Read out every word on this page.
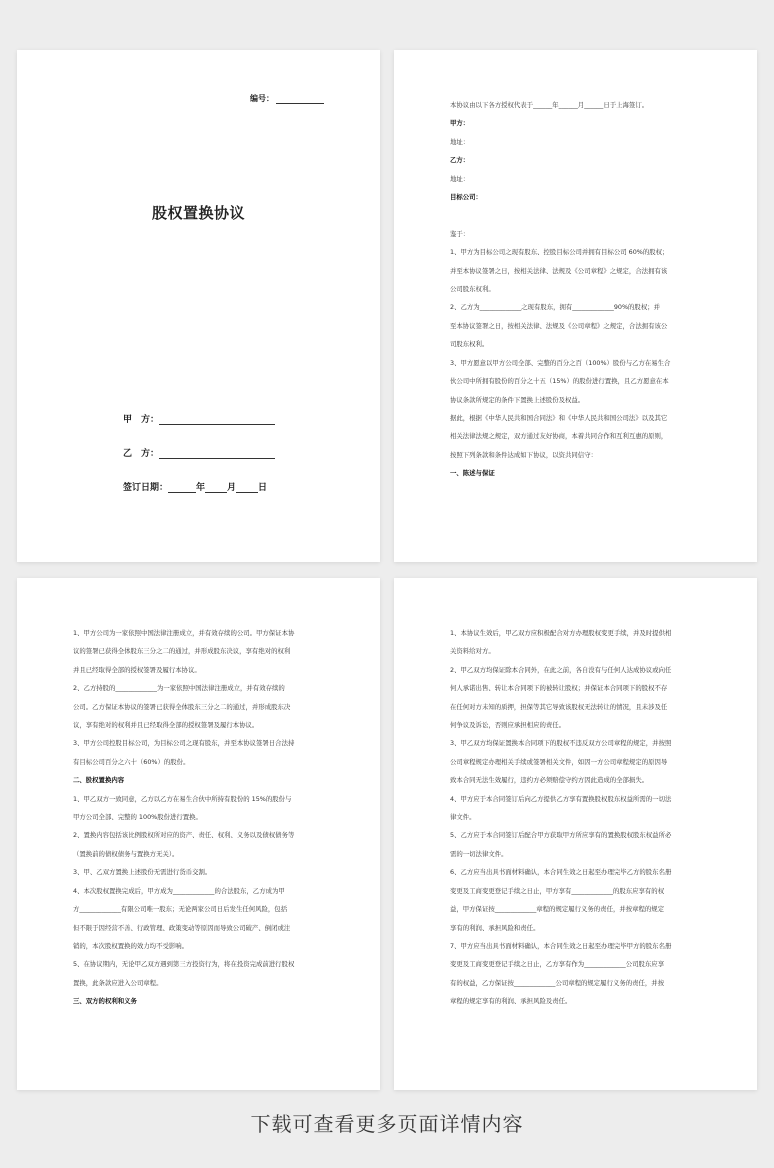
编号：
股权置换协议
甲　方：
乙　方：
签订日期：	年 月 日

本协议由以下各方授权代表于______年______月______日于上海签订。

甲方：

地址：

乙方：

地址：

目标公司：

鉴于：

1、甲方为目标公司之现有股东、控股目标公司并拥有目标公司 60%的股权；

并至本协议签署之日，按相关法律、法规及《公司章程》之规定，合法拥有该

公司股东权利。

2、乙方为_____________之现有股东，拥有_____________90%的股权；并

至本协议签署之日，按相关法律、法规及《公司章程》之规定，合法拥有该公

司股东权利。

3、甲方愿意以甲方公司全部、完整的百分之百（100%）股份与乙方在易生合

伙公司中所拥有股份的百分之十五（15%）的股份进行置换，且乙方愿意在本

协议条款所规定的条件下置换上述股份及权益。

据此，根据《中华人民共和国合同法》和《中华人民共和国公司法》以及其它

相关法律法规之规定，双方通过友好协商，本着共同合作和互利互惠的原则，

按照下列条款和条件达成如下协议，以资共同信守：

一、陈述与保证

1、甲方公司为一家依照中国法律注册成立，并有效存续的公司。甲方保证本协

议的签署已获得全体股东三分之二的通过，并形成股东决议，享有绝对的权利

并且已经取得全部的授权签署及履行本协议。

2、乙方持股的_____________为一家依照中国法律注册成立，并有效存续的

公司。乙方保证本协议的签署已获得全体股东三分之二的通过，并形成股东决

议，享有绝对的权利并且已经取得全部的授权签署及履行本协议。

3、甲方公司控股目标公司，为目标公司之现有股东，并至本协议签署日合法持

有目标公司百分之六十（60%）的股份。

二、股权置换内容

1、甲乙双方一致同意，乙方以乙方在易生合伙中所持有股份的 15%的股份与

甲方公司全部、完整的 100%股份进行置换。

2、置换内容包括该比例股权所对应的资产、责任、权利、义务以及债权债务等

（置换前的债权债务与置换方无关）。

3、甲、乙双方置换上述股份无需进行货币交割。

4、本次股权置换完成后，甲方成为_____________的合法股东，乙方成为甲

方_____________有限公司唯一股东；无论两家公司日后发生任何风险，包括

但不限于因经营不善、行政管理、政策变动等原因而导致公司破产、倒闭或注

销的，本次股权置换的效力均不受影响。

5、在协议期内，无论甲乙双方遇到第三方投资行为，将在投资完成前进行股权

置换，此条款应进入公司章程。

三、双方的权利和义务

1、本协议生效后，甲乙双方应积极配合对方办理股权变更手续，并及时提供相

关资料给对方。

2、甲乙双方均保证除本合同外，在此之前，各自没有与任何人达成协议或向任

何人承诺出售、转让本合同项下的被转让股权；并保证本合同项下的股权不存

在任何对方未知的质押，担保等其它导致该股权无法转让的情况，且未涉及任

何争议及诉讼，否则应承担相应的责任。

3、甲乙双方均保证置换本合同项下的股权不违反双方公司章程的规定，并按照

公司章程规定办理相关手续或签署相关文件，如因一方公司章程规定的原因导

致本合同无法生效履行，违约方必须赔偿守约方因此造成的全部损失。

4、甲方应于本合同签订后向乙方提供乙方享有置换股权股东权益所需的一切法

律文件。

5、乙方应于本合同签订后配合甲方获取甲方所应享有的置换股权股东权益所必

需的一切法律文件。

6、乙方应当出具书面材料确认，本合同生效之日起至办理完毕乙方的股东名册

变更及工商变更登记手续之日止，甲方享有_____________的股东应享有的权

益，甲方保证按_____________章程的规定履行义务的责任，并按章程的规定

享有的利润、承担风险和责任。

7、甲方应当出具书面材料确认，本合同生效之日起至办理完毕甲方的股东名册

变更及工商变更登记手续之日止，乙方享有作为_____________公司股东应享

有的权益，乙方保证按_____________公司章程的规定履行义务的责任，并按

章程的规定享有的利润、承担风险及责任。

下载可查看更多页面详情内容
